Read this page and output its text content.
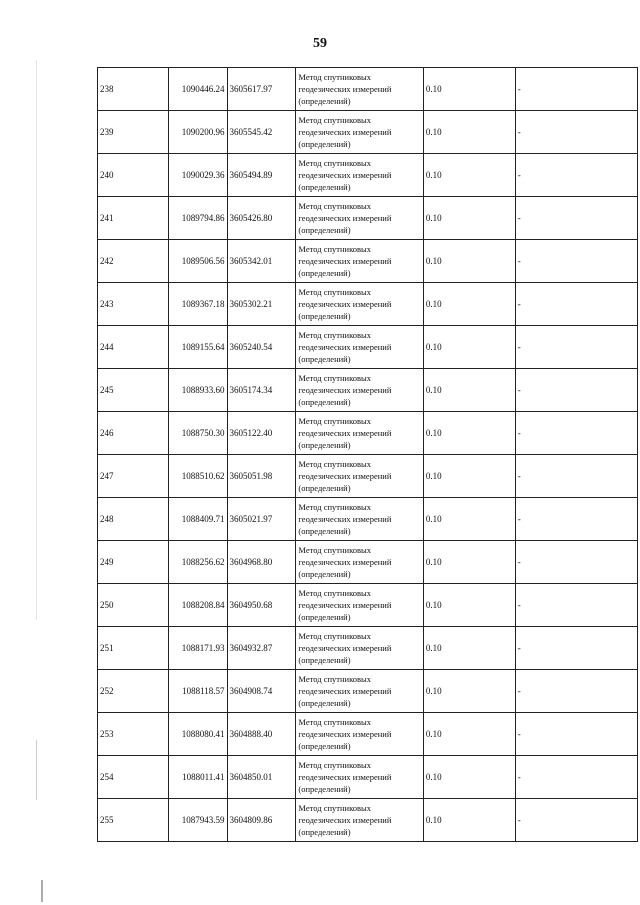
59
238	1090446.24	3605617.97	Метод спутниковых
геодезических измерений
(определений)	0.10	-
239	1090200.96	3605545.42	Метод спутниковых
геодезических измерений
(определений)	0.10	-
240	1090029.36	3605494.89	Метод спутниковых
геодезических измерений
(определений)	0.10	-
241	1089794.86	3605426.80	Метод спутниковых
геодезических измерений
(определений)	0.10	-
242	1089506.56	3605342.01	Метод спутниковых
геодезических измерений
(определений)	0.10	-
243	1089367.18	3605302.21	Метод спутниковых
геодезических измерений
(определений)	0.10	-
244	1089155.64	3605240.54	Метод спутниковых
геодезических измерений
(определений)	0.10	-
245	1088933.60	3605174.34	Метод спутниковых
геодезических измерений
(определений)	0.10	-
246	1088750.30	3605122.40	Метод спутниковых
геодезических измерений
(определений)	0.10	-
247	1088510.62	3605051.98	Метод спутниковых
геодезических измерений
(определений)	0.10	-
248	1088409.71	3605021.97	Метод спутниковых
геодезических измерений
(определений)	0.10	-
249	1088256.62	3604968.80	Метод спутниковых
геодезических измерений
(определений)	0.10	-
250	1088208.84	3604950.68	Метод спутниковых
геодезических измерений
(определений)	0.10	-
251	1088171.93	3604932.87	Метод спутниковых
геодезических измерений
(определений)	0.10	-
252	1088118.57	3604908.74	Метод спутниковых
геодезических измерений
(определений)	0.10	-
253	1088080.41	3604888.40	Метод спутниковых
геодезических измерений
(определений)	0.10	-
254	1088011.41	3604850.01	Метод спутниковых
геодезических измерений
(определений)	0.10	-
255	1087943.59	3604809.86	Метод спутниковых
геодезических измерений
(определений)	0.10	-
